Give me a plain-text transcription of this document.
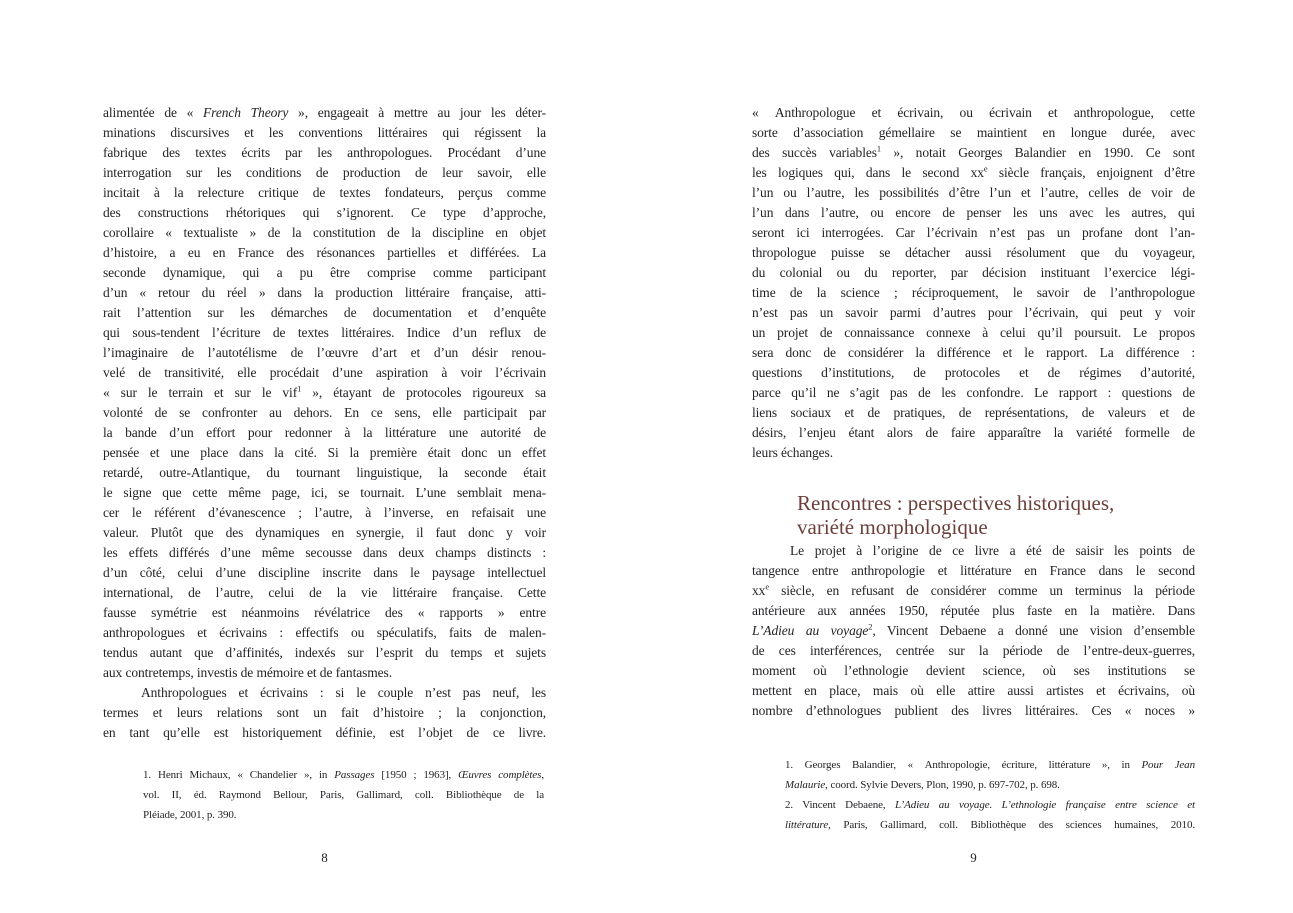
alimentée de « French Theory », engageait à mettre au jour les déter-
minations discursives et les conventions littéraires qui régissent la
fabrique des textes écrits par les anthropologues. Procédant d’une
interrogation sur les conditions de production de leur savoir, elle
incitait à la relecture critique de textes fondateurs, perçus comme
des constructions rhétoriques qui s’ignorent. Ce type d’approche,
corollaire « textualiste » de la constitution de la discipline en objet
d’histoire, a eu en France des résonances partielles et différées. La
seconde dynamique, qui a pu être comprise comme participant
d’un « retour du réel » dans la production littéraire française, atti-
rait l’attention sur les démarches de documentation et d’enquête
qui sous-tendent l’écriture de textes littéraires. Indice d’un reflux de
l’imaginaire de l’autotélisme de l’œuvre d’art et d’un désir renou-
velé de transitivité, elle procédait d’une aspiration à voir l’écrivain
« sur le terrain et sur le vif$^1$ », étayant de protocoles rigoureux sa
volonté de se confronter au dehors. En ce sens, elle participait par
la bande d’un effort pour redonner à la littérature une autorité de
pensée et une place dans la cité. Si la première était donc un effet
retardé, outre-Atlantique, du tournant linguistique, la seconde était
le signe que cette même page, ici, se tournait. L’une semblait mena-
cer le référent d’évanescence ; l’autre, à l’inverse, en refaisait une
valeur. Plutôt que des dynamiques en synergie, il faut donc y voir
les effets différés d’une même secousse dans deux champs distincts :
d’un côté, celui d’une discipline inscrite dans le paysage intellectuel
international, de l’autre, celui de la vie littéraire française. Cette
fausse symétrie est néanmoins révélatrice des « rapports » entre
anthropologues et écrivains : effectifs ou spéculatifs, faits de malen-
tendus autant que d’affinités, indexés sur l’esprit du temps et sujets
aux contretemps, investis de mémoire et de fantasmes.
Anthropologues et écrivains : si le couple n’est pas neuf, les
termes et leurs relations sont un fait d’histoire ; la conjonction,
en tant qu’elle est historiquement définie, est l’objet de ce livre.
1. Henri Michaux, « Chandelier », in Passages [1950 ; 1963], Œuvres complètes,
vol. II, éd. Raymond Bellour, Paris, Gallimard, coll. Bibliothèque de la
Pléiade, 2001, p. 390.
8
« Anthropologue et écrivain, ou écrivain et anthropologue, cette
sorte d’association gémellaire se maintient en longue durée, avec
des succès variables$^1$ », notait Georges Balandier en 1990. Ce sont
les logiques qui, dans le second $xx^e$ siècle français, enjoignent d’être
l’un ou l’autre, les possibilités d’être l’un et l’autre, celles de voir de
l’un dans l’autre, ou encore de penser les uns avec les autres, qui
seront ici interrogées. Car l’écrivain n’est pas un profane dont l’an-
thropologue puisse se détacher aussi résolument que du voyageur,
du colonial ou du reporter, par décision instituant l’exercice légi-
time de la science ; réciproquement, le savoir de l’anthropologue
n’est pas un savoir parmi d’autres pour l’écrivain, qui peut y voir
un projet de connaissance connexe à celui qu’il poursuit. Le propos
sera donc de considérer la différence et le rapport. La différence :
questions d’institutions, de protocoles et de régimes d’autorité,
parce qu’il ne s’agit pas de les confondre. Le rapport : questions de
liens sociaux et de pratiques, de représentations, de valeurs et de
désirs, l’enjeu étant alors de faire apparaître la variété formelle de
leurs échanges.
Rencontres : perspectives historiques,
variété morphologique
Le projet à l’origine de ce livre a été de saisir les points de
tangence entre anthropologie et littérature en France dans le second
$xx^e$ siècle, en refusant de considérer comme un terminus la période
antérieure aux années 1950, réputée plus faste en la matière. Dans
L’Adieu au voyage$^2$, Vincent Debaene a donné une vision d’ensemble
de ces interférences, centrée sur la période de l’entre-deux-guerres,
moment où l’ethnologie devient science, où ses institutions se
mettent en place, mais où elle attire aussi artistes et écrivains, où
nombre d’ethnologues publient des livres littéraires. Ces « noces »
1. Georges Balandier, « Anthropologie, écriture, littérature », in Pour Jean
Malaurie, coord. Sylvie Devers, Plon, 1990, p. 697-702, p. 698.
2. Vincent Debaene, L’Adieu au voyage. L’ethnologie française entre science et
littérature, Paris, Gallimard, coll. Bibliothèque des sciences humaines, 2010.
9
